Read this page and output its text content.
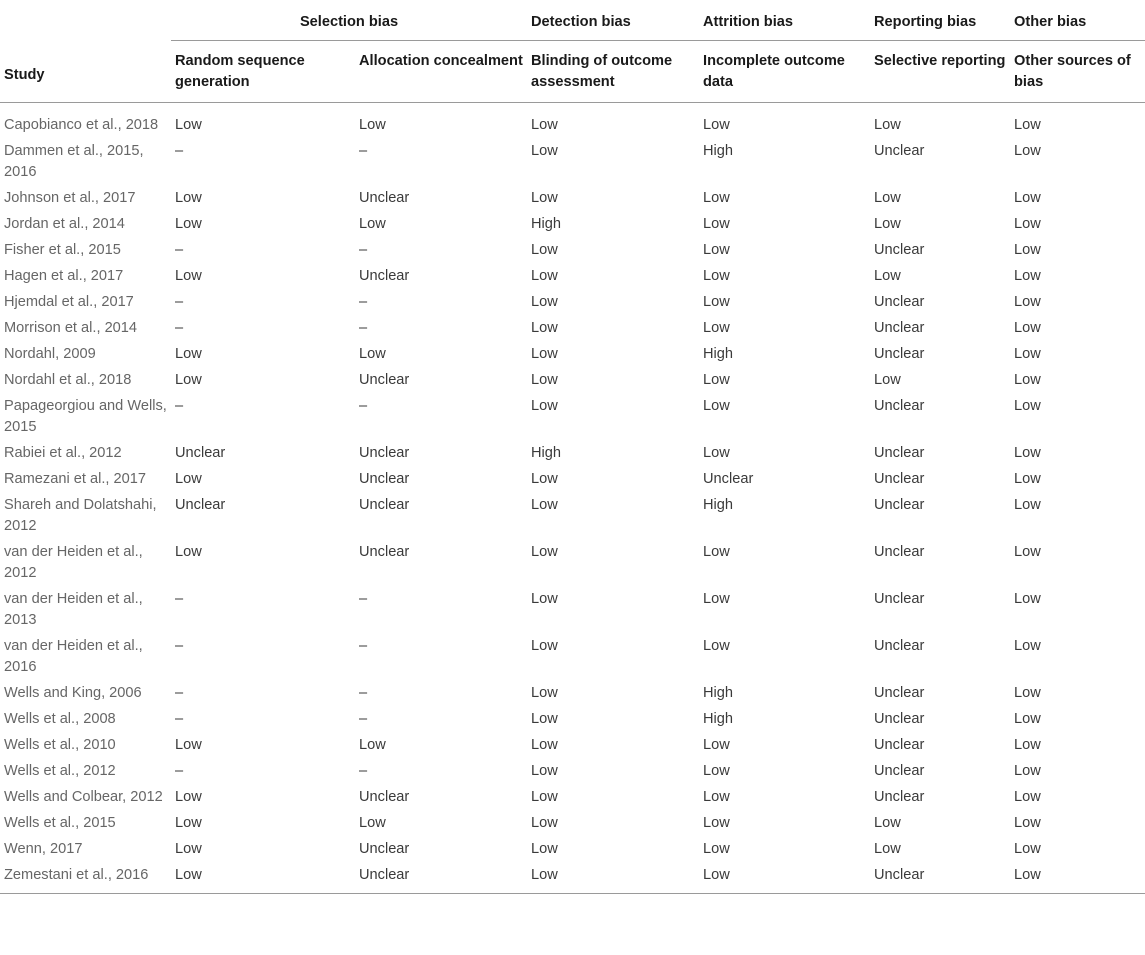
	Selection bias		Detection bias	Attrition bias	Reporting bias	Other bias
Study	Random sequence generation	Allocation concealment	Blinding of outcome assessment	Incomplete outcome data	Selective reporting	Other sources of bias
Capobianco et al., 2018	Low	Low	Low	Low	Low	Low
Dammen et al., 2015, 2016	–	–	Low	High	Unclear	Low
Johnson et al., 2017	Low	Unclear	Low	Low	Low	Low
Jordan et al., 2014	Low	Low	High	Low	Low	Low
Fisher et al., 2015	–	–	Low	Low	Unclear	Low
Hagen et al., 2017	Low	Unclear	Low	Low	Low	Low
Hjemdal et al., 2017	–	–	Low	Low	Unclear	Low
Morrison et al., 2014	–	–	Low	Low	Unclear	Low
Nordahl, 2009	Low	Low	Low	High	Unclear	Low
Nordahl et al., 2018	Low	Unclear	Low	Low	Low	Low
Papageorgiou and Wells, 2015	–	–	Low	Low	Unclear	Low
Rabiei et al., 2012	Unclear	Unclear	High	Low	Unclear	Low
Ramezani et al., 2017	Low	Unclear	Low	Unclear	Unclear	Low
Shareh and Dolatshahi, 2012	Unclear	Unclear	Low	High	Unclear	Low
van der Heiden et al., 2012	Low	Unclear	Low	Low	Unclear	Low
van der Heiden et al., 2013	–	–	Low	Low	Unclear	Low
van der Heiden et al., 2016	–	–	Low	Low	Unclear	Low
Wells and King, 2006	–	–	Low	High	Unclear	Low
Wells et al., 2008	–	–	Low	High	Unclear	Low
Wells et al., 2010	Low	Low	Low	Low	Unclear	Low
Wells et al., 2012	–	–	Low	Low	Unclear	Low
Wells and Colbear, 2012	Low	Unclear	Low	Low	Unclear	Low
Wells et al., 2015	Low	Low	Low	Low	Low	Low
Wenn, 2017	Low	Unclear	Low	Low	Low	Low
Zemestani et al., 2016	Low	Unclear	Low	Low	Unclear	Low
